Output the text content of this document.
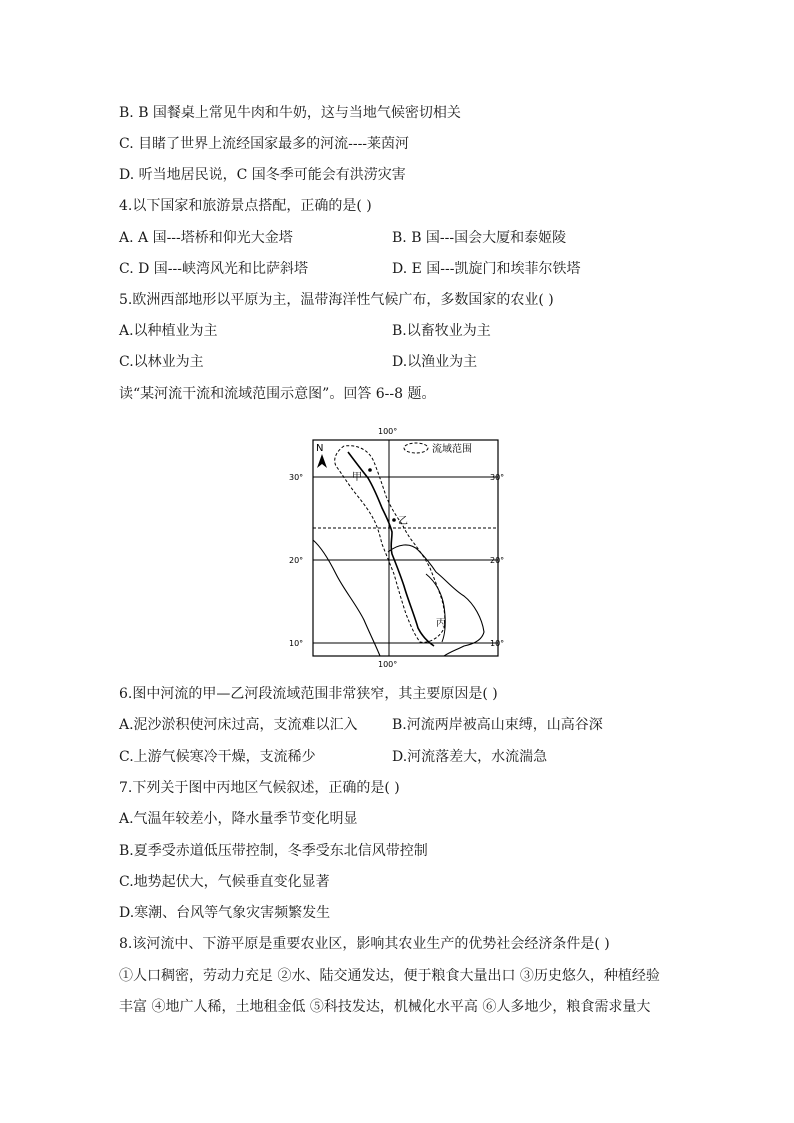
B. B 国餐桌上常见牛肉和牛奶，这与当地气候密切相关
C. 目睹了世界上流经国家最多的河流----莱茵河
D. 听当地居民说，C 国冬季可能会有洪涝灾害
4.以下国家和旅游景点搭配，正确的是( )
A. A 国---塔桥和仰光大金塔	B. B 国---国会大厦和泰姬陵
C. D 国---峡湾风光和比萨斜塔	D. E 国---凯旋门和埃菲尔铁塔
5.欧洲西部地形以平原为主，温带海洋性气候广布，多数国家的农业( )
A.以种植业为主	B.以畜牧业为主
C.以林业为主	D.以渔业为主
读“某河流干流和流域范围示意图”。回答 6--8 题。
N	流域范围
100°
100°
30°	30°
20°	20°
10°	10°
甲
乙
丙
6.图中河流的甲—乙河段流域范围非常狭窄，其主要原因是( )
A.泥沙淤积使河床过高，支流难以汇入 B.河流两岸被高山束缚，山高谷深
C.上游气候寒冷干燥，支流稀少	D.河流落差大，水流湍急
7.下列关于图中丙地区气候叙述，正确的是( )
A.气温年较差小，降水量季节变化明显
B.夏季受赤道低压带控制，冬季受东北信风带控制
C.地势起伏大，气候垂直变化显著
D.寒潮、台风等气象灾害频繁发生
8.该河流中、下游平原是重要农业区，影响其农业生产的优势社会经济条件是( )
①人口稠密，劳动力充足 ②水、陆交通发达，便于粮食大量出口 ③历史悠久，种植经验
丰富 ④地广人稀，土地租金低 ⑤科技发达，机械化水平高 ⑥人多地少，粮食需求量大
